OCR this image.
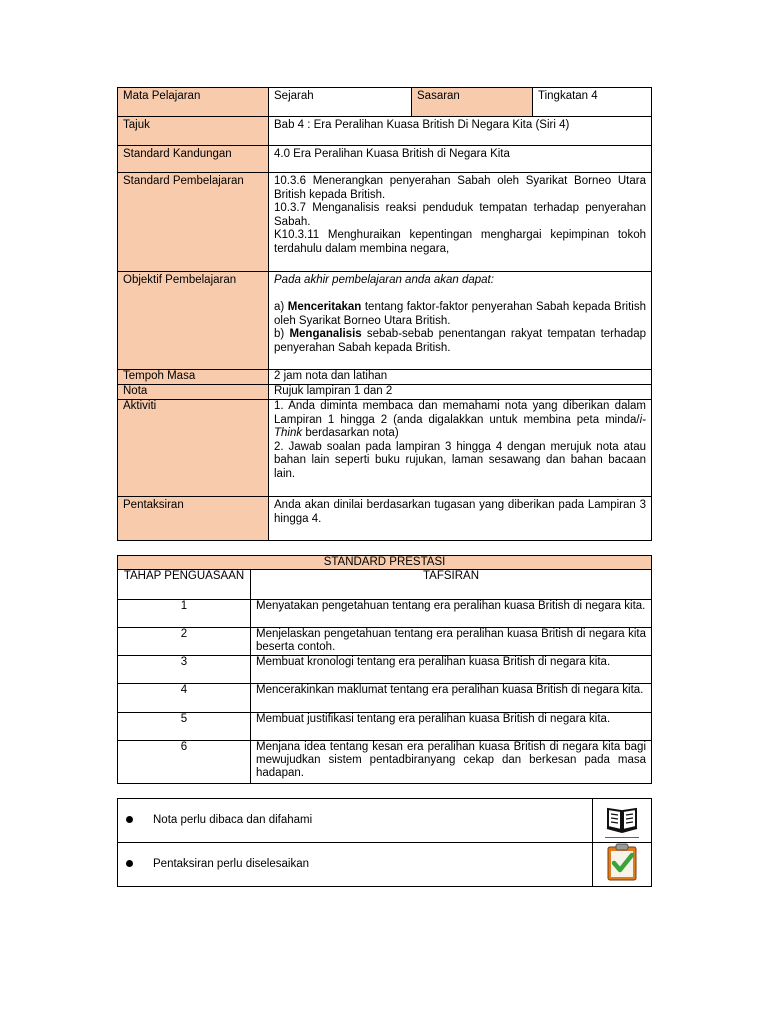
Mata Pelajaran	Sejarah	Sasaran	Tingkatan 4
Tajuk	Bab 4 : Era Peralihan Kuasa British Di Negara Kita (Siri 4)		
Standard Kandungan	4.0 Era Peralihan Kuasa British di Negara Kita		
Standard Pembelajaran	10.3.6 Menerangkan penyerahan Sabah oleh Syarikat Borneo Utara British kepada British.

10.3.7 Menganalisis reaksi penduduk tempatan terhadap penyerahan Sabah.

K10.3.11 Menghuraikan kepentingan menghargai kepimpinan tokoh terdahulu dalam membina negara,		

Objektif Pembelajaran	Pada akhir pembelajaran anda akan dapat:

a) Menceritakan tentang faktor-faktor penyerahan Sabah kepada British oleh Syarikat Borneo Utara British.

b) Menganalisis sebab-sebab penentangan rakyat tempatan terhadap penyerahan Sabah kepada British.		

Tempoh Masa	2 jam nota dan latihan		
Nota	Rujuk lampiran 1 dan 2		
Aktiviti	1. Anda diminta membaca dan memahami nota yang diberikan dalam Lampiran 1 hingga 2 (anda digalakkan untuk membina peta minda/i-Think berdasarkan nota)

2. Jawab soalan pada lampiran 3 hingga 4 dengan merujuk nota atau bahan lain seperti buku rujukan, laman sesawang dan bahan bacaan lain.		

Pentaksiran	Anda akan dinilai berdasarkan tugasan yang diberikan pada Lampiran 3 hingga 4.		
STANDARD PRESTASI	
TAHAP PENGUASAAN	TAFSIRAN
1	Menyatakan pengetahuan tentang era peralihan kuasa British di negara kita.
2	Menjelaskan pengetahuan tentang era peralihan kuasa British di negara kita beserta contoh.
3	Membuat kronologi tentang era peralihan kuasa British di negara kita.
4	Mencerakinkan maklumat tentang era peralihan kuasa British di negara kita.
5	Membuat justifikasi tentang era peralihan kuasa British di negara kita.
6	Menjana idea tentang kesan era peralihan kuasa British di negara kita bagi mewujudkan sistem pentadbiranyang cekap dan berkesan pada masa hadapan.
Nota perlu dibaca dan difahami	

Pentaksiran perlu diselesaikan	
